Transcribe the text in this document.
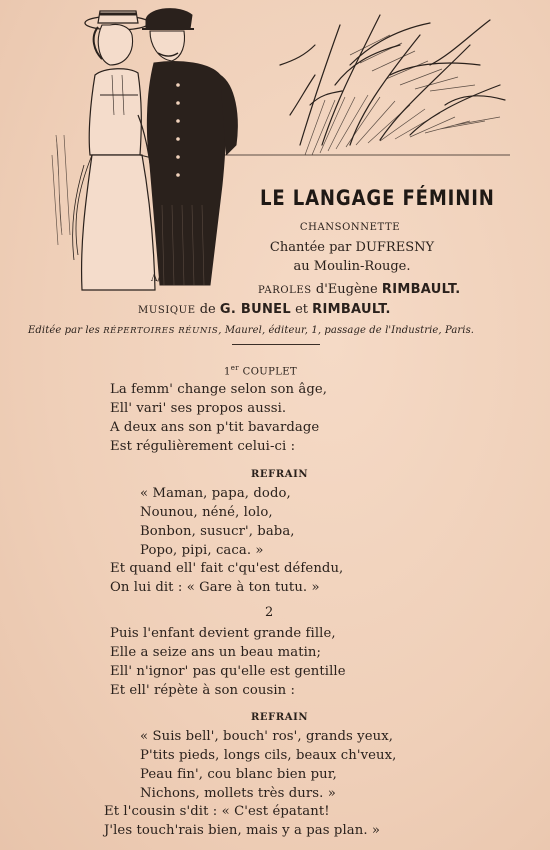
Λ/
LE LANGAGE FÉMININ
CHANSONNETTE
Chantée par DUFRESNY
au Moulin-Rouge.
PAROLES d'Eugène RIMBAULT.
MUSIQUE de G. BUNEL et RIMBAULT.
Editée par les RÉPERTOIRES RÉUNIS, Maurel, éditeur, 1, passage de l'Industrie, Paris.
1er COUPLET
La femm' change selon son âge,
Ell' vari' ses propos aussi.
A deux ans son p'tit bavardage
Est régulièrement celui-ci :
REFRAIN
« Maman, papa, dodo,
Nounou, néné, lolo,
Bonbon, susucr', baba,
Popo, pipi, caca. »
Et quand ell' fait c'qu'est défendu,
On lui dit : « Gare à ton tutu. »
2
Puis l'enfant devient grande fille,
Elle a seize ans un beau matin;
Ell' n'ignor' pas qu'elle est gentille
Et ell' répète à son cousin :
REFRAIN
« Suis bell', bouch' ros', grands yeux,
P'tits pieds, longs cils, beaux ch'veux,
Peau fin', cou blanc bien pur,
Nichons, mollets très durs. »
Et l'cousin s'dit : « C'est épatant!
J'les touch'rais bien, mais y a pas plan. »
